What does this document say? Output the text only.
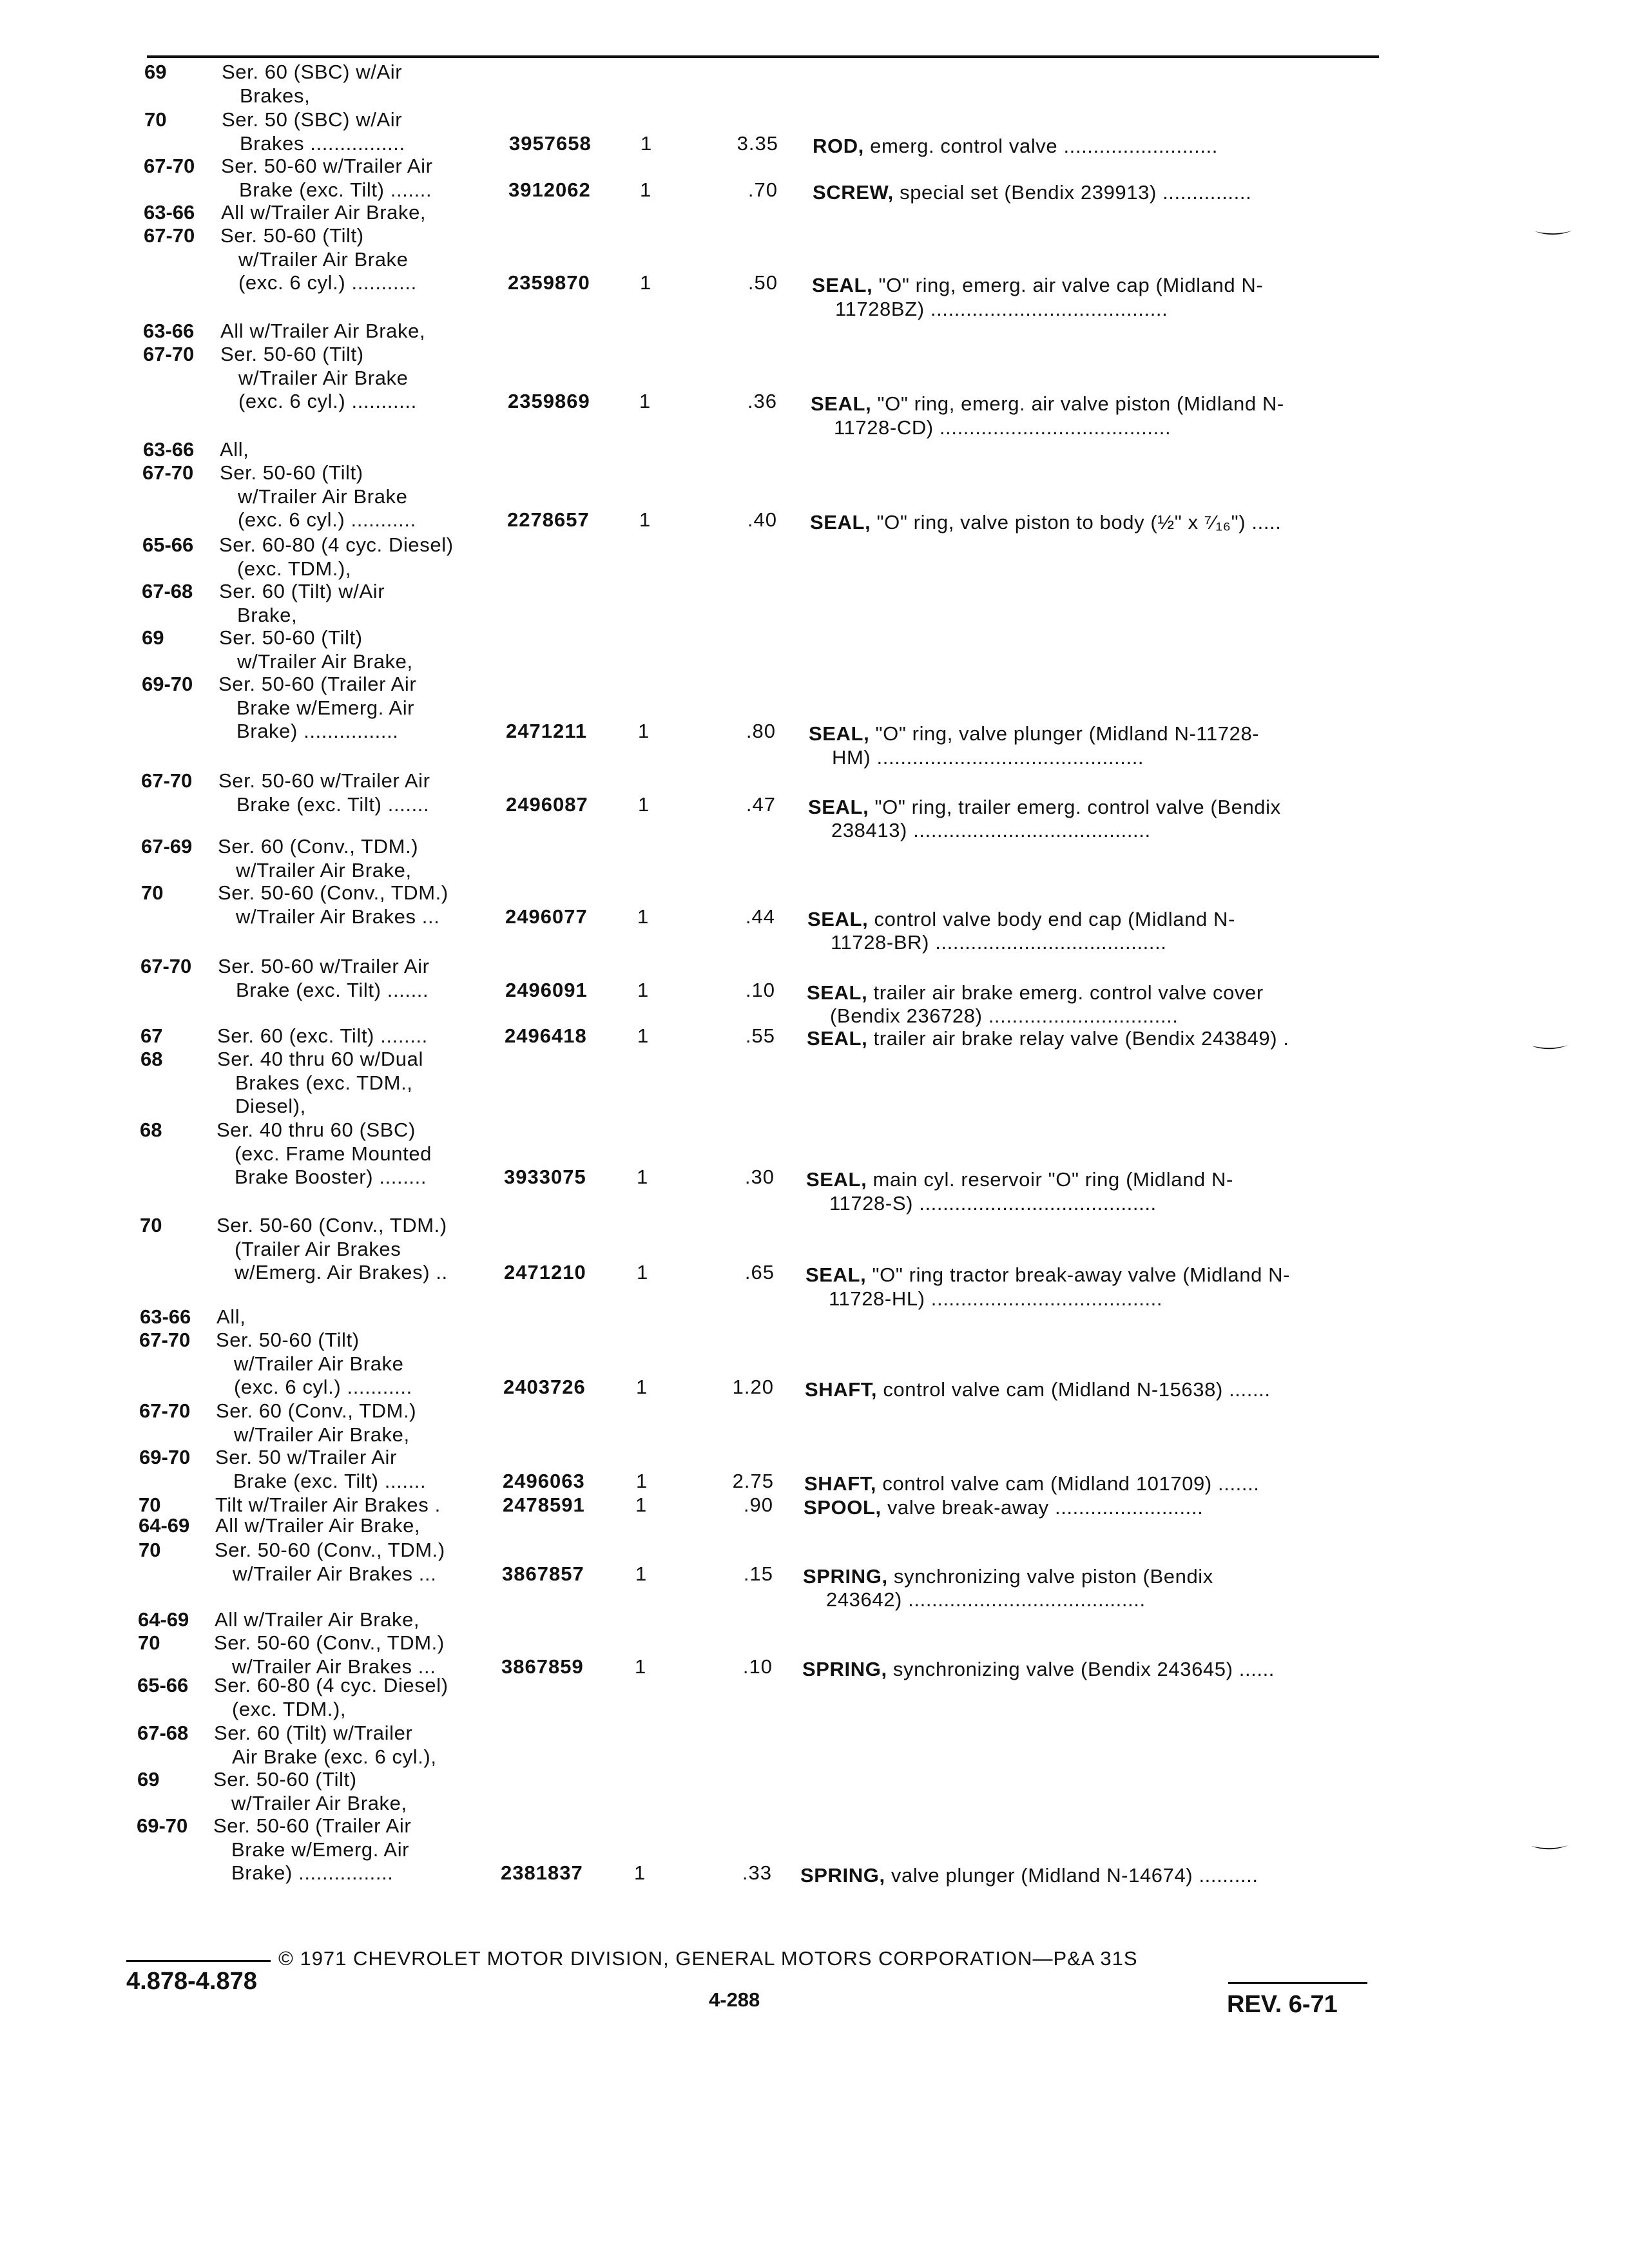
69	Ser. 60 (SBC) w/Air
Brakes,
70	Ser. 50 (SBC) w/Air
Brakes ................	3957658 1	3.35 ROD, emerg. control valve ..........................
67-70 Ser. 50-60 w/Trailer Air
Brake (exc. Tilt) .......	3912062 1	.70 SCREW, special set (Bendix 239913) ...............
63-66 All w/Trailer Air Brake,
67-70 Ser. 50-60 (Tilt)
w/Trailer Air Brake
(exc. 6 cyl.) ...........	2359870 1	.50 SEAL, "O" ring, emerg. air valve cap (Midland N-
11728BZ) ........................................
63-66 All w/Trailer Air Brake,
67-70 Ser. 50-60 (Tilt)
w/Trailer Air Brake
(exc. 6 cyl.) ...........	2359869 1	.36 SEAL, "O" ring, emerg. air valve piston (Midland N-
11728-CD) .......................................
63-66 All,
67-70 Ser. 50-60 (Tilt)
w/Trailer Air Brake
(exc. 6 cyl.) ...........	2278657 1	.40 SEAL, "O" ring, valve piston to body (½" x ⁷⁄₁₆") .....
65-66 Ser. 60-80 (4 cyc. Diesel)
(exc. TDM.),
67-68 Ser. 60 (Tilt) w/Air
Brake,
69	Ser. 50-60 (Tilt)
w/Trailer Air Brake,
69-70 Ser. 50-60 (Trailer Air
Brake w/Emerg. Air
Brake) ................	2471211	1	.80 SEAL, "O" ring, valve plunger (Midland N-11728-
HM) .............................................
67-70 Ser. 50-60 w/Trailer Air
Brake (exc. Tilt) .......	2496087 1	.47 SEAL, "O" ring, trailer emerg. control valve (Bendix
238413) ........................................
67-69 Ser. 60 (Conv., TDM.)
w/Trailer Air Brake,
70	Ser. 50-60 (Conv., TDM.)
w/Trailer Air Brakes ...	2496077 1	.44 SEAL, control valve body end cap (Midland N-
11728-BR) .......................................
67-70 Ser. 50-60 w/Trailer Air
Brake (exc. Tilt) .......	2496091 1	.10 SEAL, trailer air brake emerg. control valve cover
(Bendix 236728) ................................
67	Ser. 60 (exc. Tilt) ........	2496418	1	.55 SEAL, trailer air brake relay valve (Bendix 243849) .
68	Ser. 40 thru 60 w/Dual
Brakes (exc. TDM.,
Diesel),
68	Ser. 40 thru 60 (SBC)
(exc. Frame Mounted
Brake Booster) ........	3933075	1	.30 SEAL, main cyl. reservoir "O" ring (Midland N-
11728-S) ........................................
70	Ser. 50-60 (Conv., TDM.)
(Trailer Air Brakes
w/Emerg. Air Brakes) ..	2471210	1	.65 SEAL, "O" ring tractor break-away valve (Midland N-
11728-HL) .......................................
63-66 All,
67-70 Ser. 50-60 (Tilt)
w/Trailer Air Brake
(exc. 6 cyl.) ...........	2403726	1	1.20 SHAFT, control valve cam (Midland N-15638) .......
67-70 Ser. 60 (Conv., TDM.)
w/Trailer Air Brake,
69-70 Ser. 50 w/Trailer Air
Brake (exc. Tilt) .......	2496063	1	2.75 SHAFT, control valve cam (Midland 101709) .......
70	Tilt w/Trailer Air Brakes .	2478591	1	.90 SPOOL, valve break-away .........................
64-69 All w/Trailer Air Brake,
70	Ser. 50-60 (Conv., TDM.)
w/Trailer Air Brakes ...	3867857	1	.15 SPRING, synchronizing valve piston (Bendix
243642) ........................................
64-69 All w/Trailer Air Brake,
70	Ser. 50-60 (Conv., TDM.)
w/Trailer Air Brakes ...	3867859	1	.10 SPRING, synchronizing valve (Bendix 243645) ......
65-66 Ser. 60-80 (4 cyc. Diesel)
(exc. TDM.),
67-68 Ser. 60 (Tilt) w/Trailer
Air Brake (exc. 6 cyl.),
69	Ser. 50-60 (Tilt)
w/Trailer Air Brake,
69-70 Ser. 50-60 (Trailer Air
Brake w/Emerg. Air
Brake) ................	2381837	1	.33 SPRING, valve plunger (Midland N-14674) ..........
© 1971 CHEVROLET MOTOR DIVISION, GENERAL MOTORS CORPORATION—P&A 31S
4.878-4.878
4-288	REV. 6-71
